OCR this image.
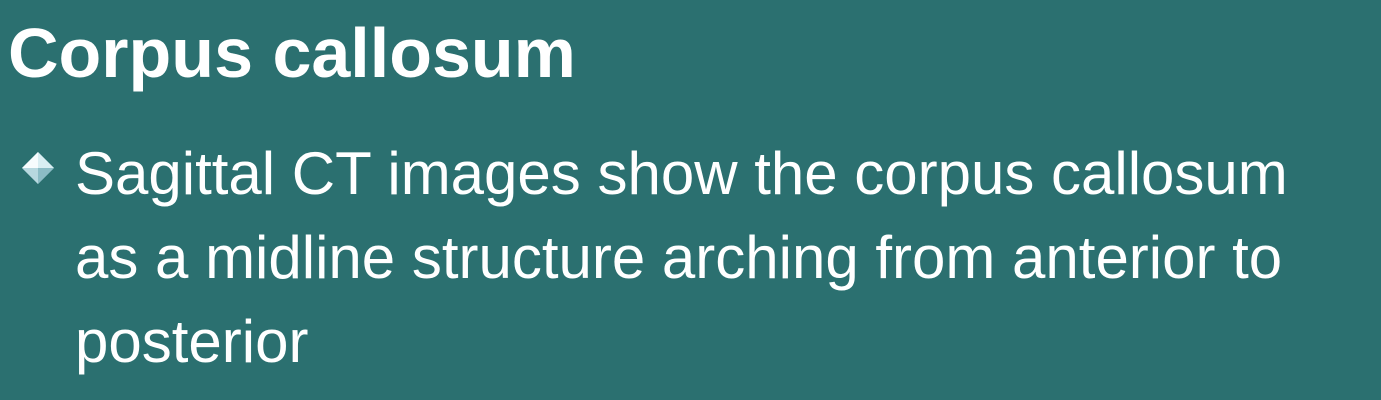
Corpus callosum
Sagittal CT images show the corpus callosum as a midline structure arching from anterior to posterior
